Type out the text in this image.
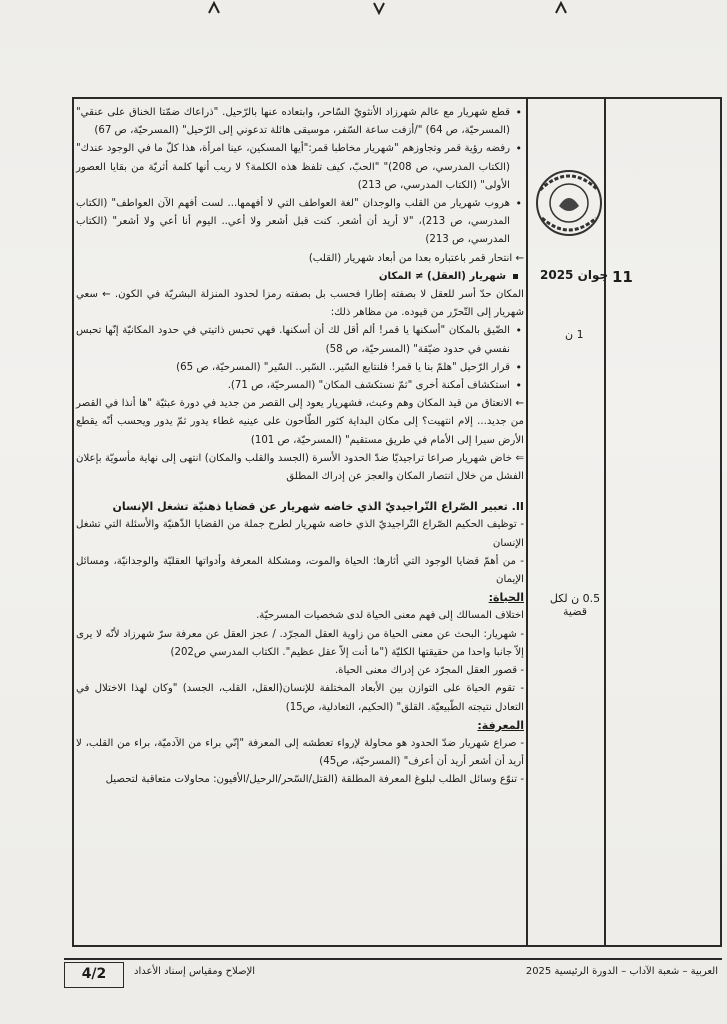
11
جوان 2025
1 ن
0.5 ن لكل قضية

• قطع شهريار مع عالم شهرزاد الأنثويّ السّاحر، وابتعاده عنها بالرّحيل. "ذراعاك ضمّتا الخناق على عنقي" (المسرحيّة، ص 64) "/أزفت ساعة السّفر، موسيقى هائلة تدعوني إلى الرّحيل" (المسرحيّة، ص 67)

• رفضه رؤية قمر وتجاوزهم "شهريار مخاطبا قمر:"أيها المسكين، عينا امرأة، هذا كلّ ما في الوجود عندك" (الكتاب المدرسي، ص 208)" "الحبّ، كيف تلفظ هذه الكلمة؟ لا ريب أنها كلمة أثريّة من بقايا العصور الأولى" (الكتاب المدرسي، ص 213)

• هروب شهريار من القلب والوجدان "لغة العواطف التي لا أفهمها... لست أفهم الآن العواطف" (الكتاب المدرسي، ص 213)، "لا أريد أن أشعر. كنت قبل أشعر ولا أعي.. اليوم أنا أعي ولا أشعر" (الكتاب المدرسي، ص 213)

← انتحار قمر باعتباره بعدا من أبعاد شهريار (القلب)

شهريار (العقل) ≠ المكان

المكان حدّ أسر للعقل لا بصفته إطارا فحسب بل بصفته رمزا لحدود المنزلة البشريّة في الكون. ← سعي شهريار إلى التّحرّر من قيوده. من مظاهر ذلك:

• الضّيق بالمكان "أسكنها يا قمر! ألم أقل لك أن أسكنها. فهي تحبس ذاتيتي في حدود المكانيّة إنّها تحبس نفسي في حدود ضيّقة" (المسرحيّة، ص 58)

• قرار الرّحيل "هلمّ بنا يا قمر! فلنتابع السّير.. السّير.. السّير" (المسرحيّة، ص 65)

• استكشاف أمكنة أخرى "ثمّ نستكشف المكان" (المسرحيّة، ص 71).

← الانعتاق من قيد المكان وهم وعبث، فشهريار يعود إلى القصر من جديد في دورة عبثيّة "ها أنذا في القصر من جديد... إلام انتهيت؟ إلى مكان البداية كثور الطّاحون على عينيه غطاء يدور ثمّ يدور ويحسب أنّه يقطع الأرض سيرا إلى الأمام في طريق مستقيم" (المسرحيّة، ص 101)

⇐ خاض شهريار صراعا تراجيديّا ضدّ الحدود الأسرة (الجسد والقلب والمكان) انتهى إلى نهاية مأسويّة بإعلان الفشل من خلال انتصار المكان والعجز عن إدراك المطلق

II. تعبير الصّراع التّراجيديّ الذي خاضه شهريار عن قضايا ذهنيّة تشغل الإنسان

- توظيف الحكيم الصّراع التّراجيديّ الذي خاضه شهريار لطرح جملة من القضايا الذّهنيّة والأسئلة التي تشغل الإنسان

- من أهمّ قضايا الوجود التي أثارها: الحياة والموت، ومشكلة المعرفة وأدواتها العقليّة والوجدانيّة، ومسائل الإيمان

الحياة:

اختلاف المسالك إلى فهم معنى الحياة لدى شخصيات المسرحيّة.

- شهريار: البحث عن معنى الحياة من زاوية العقل المجرّد. / عجز العقل عن معرفة سرّ شهرزاد لأنّه لا يرى إلاّ جانبا واحدا من حقيقتها الكليّة ("ما أنت إلاّ عقل عظيم". الكتاب المدرسي ص202)

- قصور العقل المجرّد عن إدراك معنى الحياة.

- تقوم الحياة على التوازن بين الأبعاد المختلفة للإنسان(العقل، القلب، الجسد) "وكان لهذا الاختلال في التعادل نتيجته الطّبيعيّة. القلق" (الحكيم، التعادلية، ص15)

المعرفة:

- صراع شهريار ضدّ الحدود هو محاولة لإرواء تعطشه إلى المعرفة "إنّي براء من الآدميّة، براء من القلب، لا أريد أن أشعر أريد أن أعرف" (المسرحيّة، ص45)

- تنوّع وسائل الطلب لبلوغ المعرفة المطلقة (القتل/السّحر/الرحيل/الأفيون: محاولات متعاقبة لتحصيل

العربية – شعبة الآداب – الدورة الرئيسية 2025
الإصلاح ومقياس إسناد الأعداد
4/2
